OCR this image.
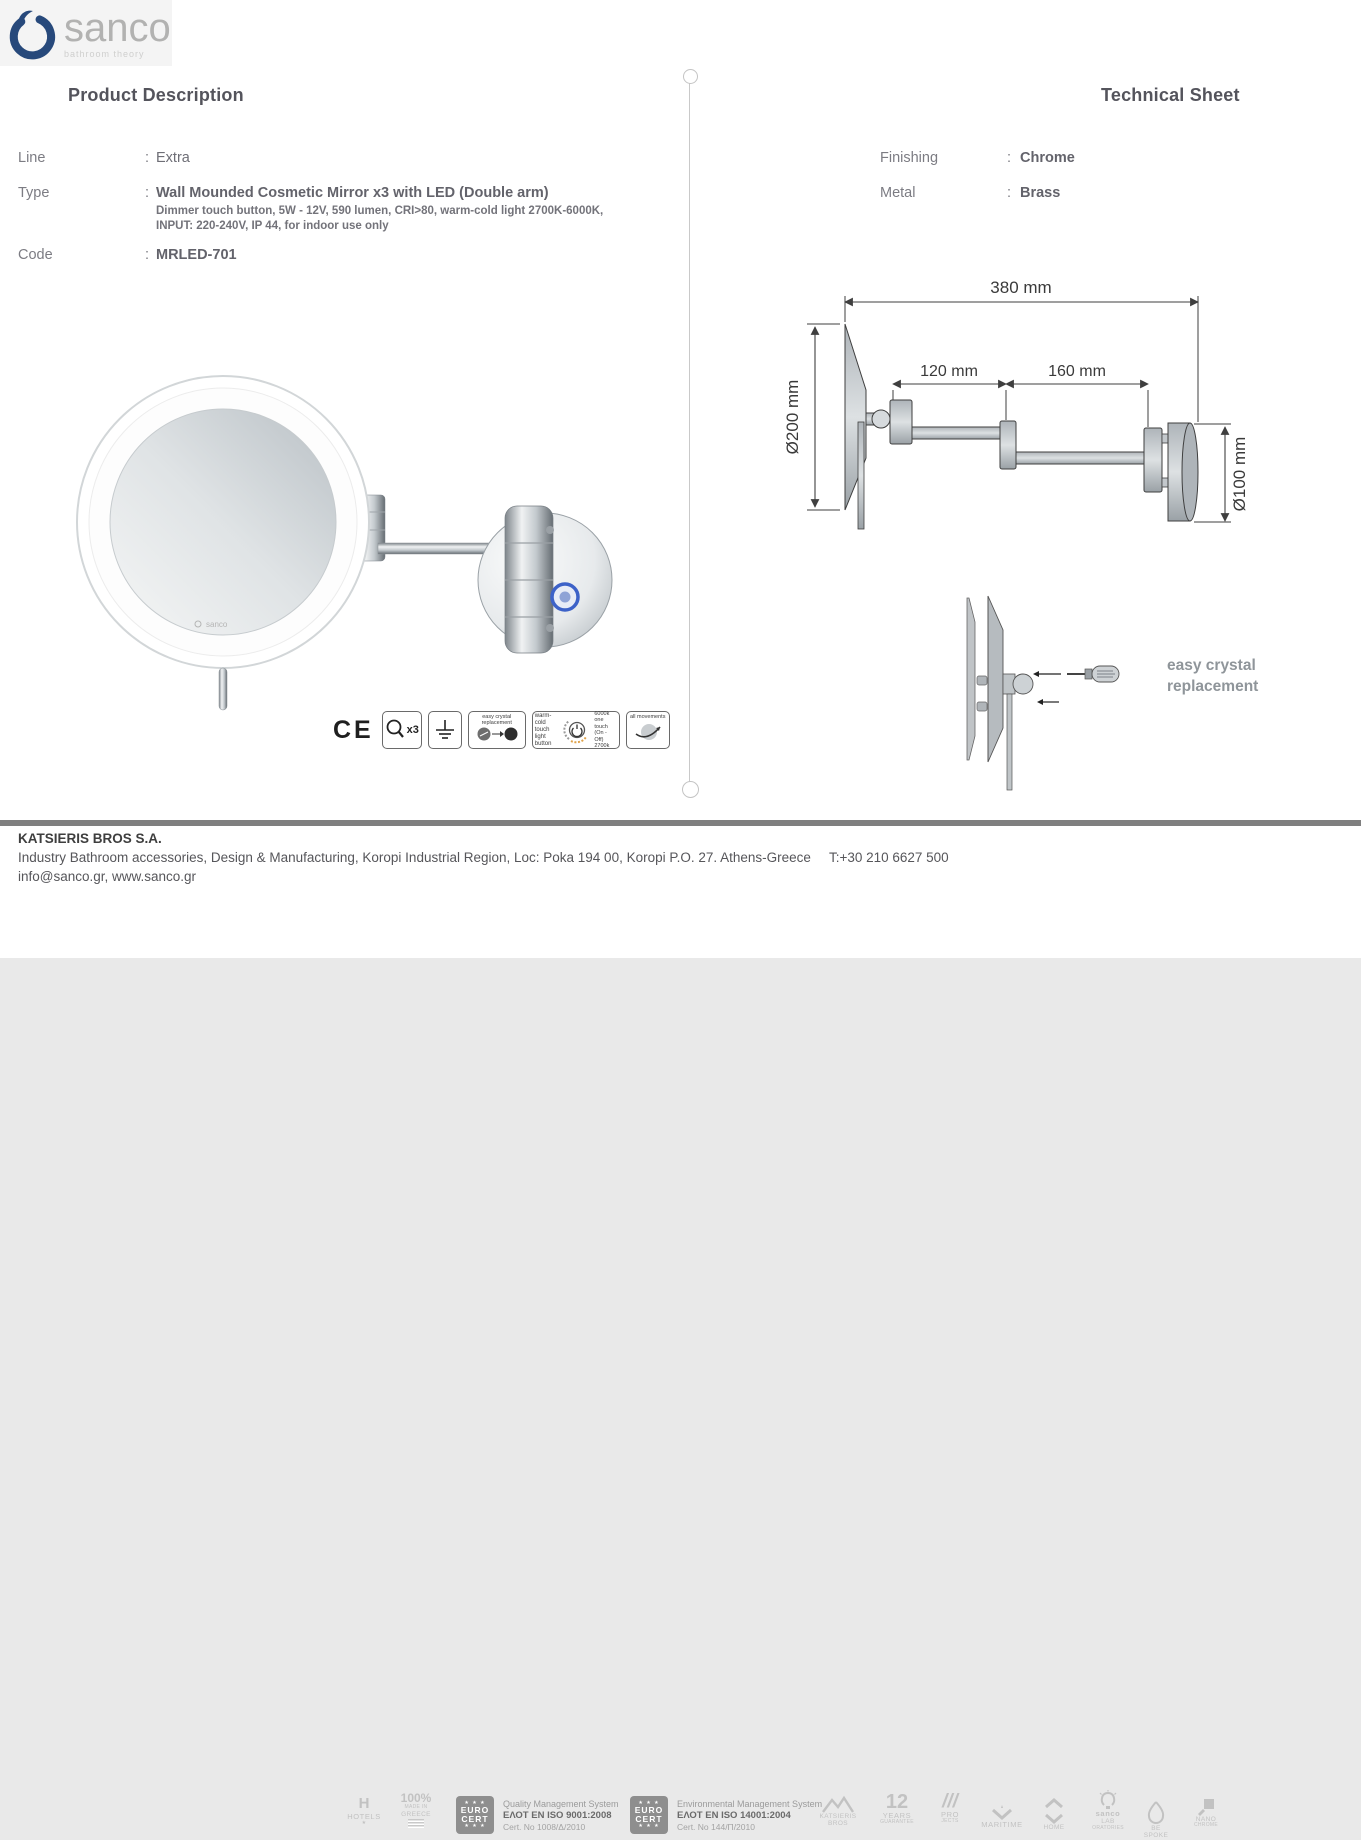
sanco
bathroom theory
Product Description	Technical Sheet
Line	: Extra
Type	: Wall Mounded Cosmetic Mirror x3 with LED (Double arm)
Dimmer touch button, 5W - 12V, 590 lumen, CRI>80, warm-cold light 2700K-6000K,
INPUT: 220-240V, IP 44, for indoor use only
Code	: MRLED-701
Finishing	: Chrome
Metal	: Brass
sanco
CE	x3
easy crystal
replacement
warm-cold
touch light
button
6000k
one touch
(On - Off)
2700k
all movements
380 mm
Ø200 mm
120 mm	160 mm
Ø100 mm
easy crystal
replacement
KATSIERIS BROS S.A.
Industry Bathroom accessories, Design & Manufacturing, Koropi Industrial Region, Loc: Poka 194 00, Koropi P.O. 27. Athens-Greece T:+30 210 6627 500
info@sanco.gr, www.sanco.gr
H
HOTELS
★
100%
MADE IN
GREECE
★ ★ ★
EURO
CERT
★ ★ ★
Quality Management System
ΕΛΟΤ EN ISO 9001:2008
Cert. No 1008/Δ/2010
★ ★ ★
EURO
CERT
★ ★ ★
Environmental Management System
ΕΛΟΤ EN ISO 14001:2004
Cert. No 144/Π/2010
KATSIERIS
BROS
12
YEARS
GUARANTEE
///
PRO
JECTS	MARITIME	HOME
sanco
LAB
ORATORIES	BE
SPOKE
NANO
CHROME
